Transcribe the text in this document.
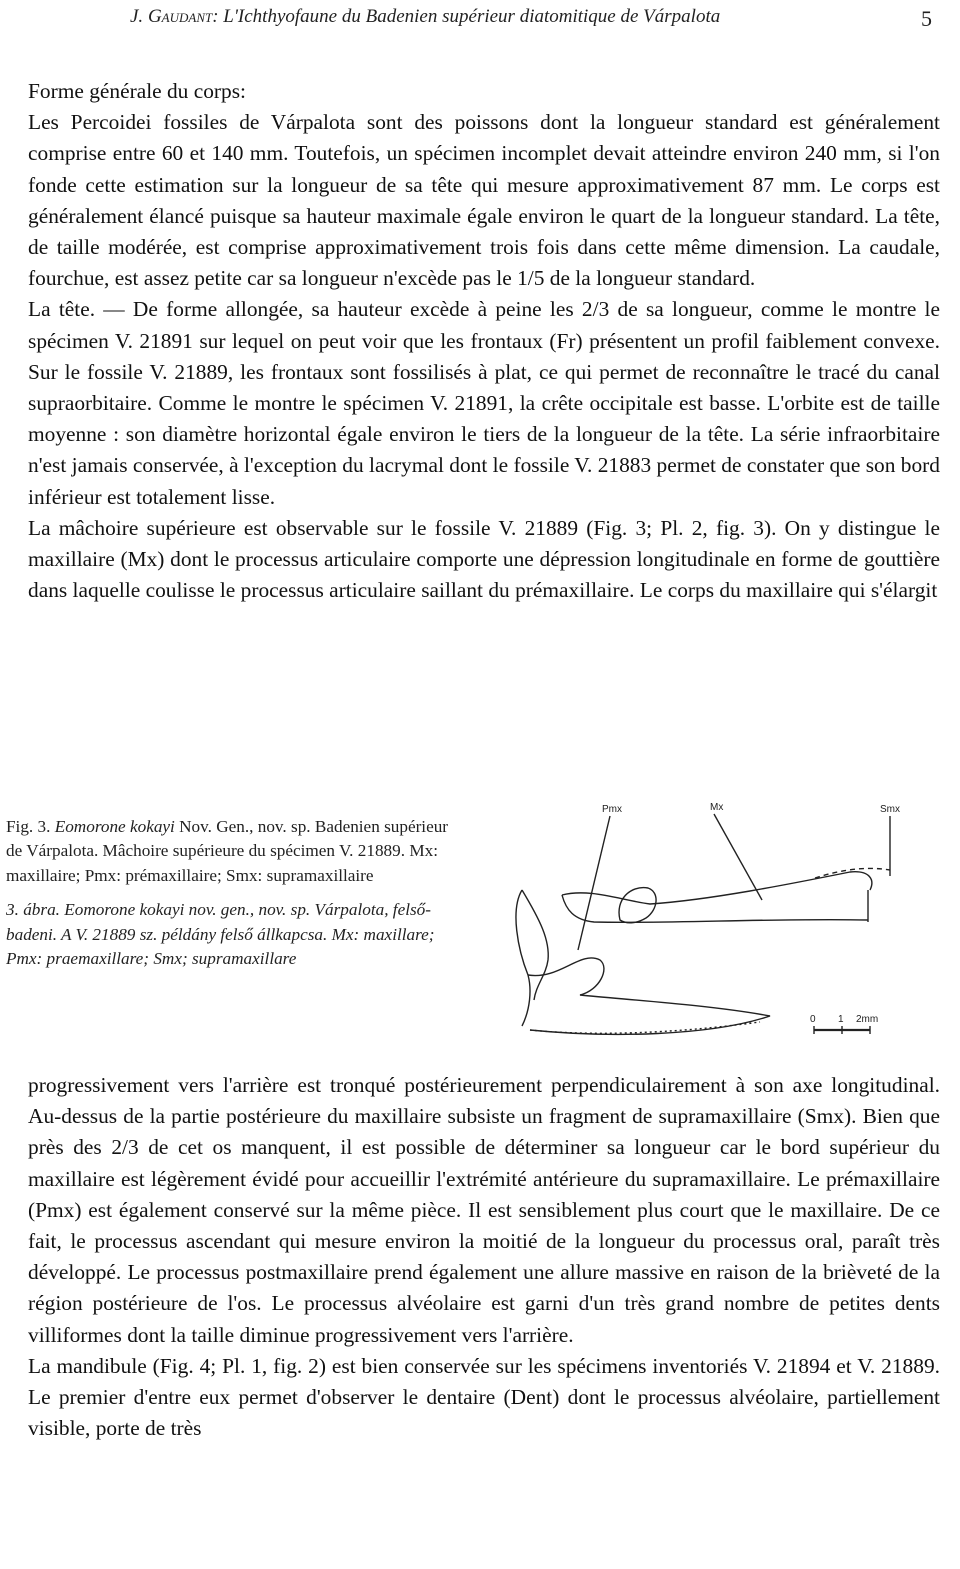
J. Gaudant: L'Ichthyofaune du Badenien supérieur diatomitique de Várpalota	5

Forme générale du corps:

Les Percoidei fossiles de Várpalota sont des poissons dont la longueur standard est généralement comprise entre 60 et 140 mm. Toutefois, un spécimen incomplet devait atteindre environ 240 mm, si l'on fonde cette estimation sur la longueur de sa tête qui mesure approximativement 87 mm. Le corps est généralement élancé puisque sa hauteur maximale égale environ le quart de la longueur standard. La tête, de taille modérée, est comprise approximativement trois fois dans cette même dimension. La caudale, fourchue, est assez petite car sa longueur n'excède pas le 1/5 de la longueur standard.

La tête. — De forme allongée, sa hauteur excède à peine les 2/3 de sa longueur, comme le montre le spécimen V. 21891 sur lequel on peut voir que les frontaux (Fr) présentent un profil faiblement convexe. Sur le fossile V. 21889, les frontaux sont fossilisés à plat, ce qui permet de reconnaître le tracé du canal supraorbitaire. Comme le montre le spécimen V. 21891, la crête occipitale est basse. L'orbite est de taille moyenne : son diamètre horizontal égale environ le tiers de la longueur de la tête. La série infraorbitaire n'est jamais conservée, à l'exception du lacrymal dont le fossile V. 21883 permet de constater que son bord inférieur est totalement lisse.

La mâchoire supérieure est observable sur le fossile V. 21889 (Fig. 3; Pl. 2, fig. 3). On y distingue le maxillaire (Mx) dont le processus articulaire comporte une dépression longitudinale en forme de gouttière dans laquelle coulisse le processus articulaire saillant du prémaxillaire. Le corps du maxillaire qui s'élargit

Fig. 3. Eomorone kokayi Nov. Gen., nov. sp. Badenien supérieur de Várpalota. Mâchoire supérieure du spécimen V. 21889. Mx: maxillaire; Pmx: prémaxillaire; Smx: supramaxillaire

3. ábra. Eomorone kokayi nov. gen., nov. sp. Várpalota, felső-badeni. A V. 21889 sz. példány felső állkapcsa. Mx: maxillare; Pmx: praemaxillare; Smx; supramaxillare

Pmx	Mx	Smx
0 1 2mm

progressivement vers l'arrière est tronqué postérieurement perpendiculairement à son axe longitudinal. Au-dessus de la partie postérieure du maxillaire subsiste un fragment de supramaxillaire (Smx). Bien que près des 2/3 de cet os manquent, il est possible de déterminer sa longueur car le bord supérieur du maxillaire est légèrement évidé pour accueillir l'extrémité antérieure du supramaxillaire. Le prémaxillaire (Pmx) est également conservé sur la même pièce. Il est sensiblement plus court que le maxillaire. De ce fait, le processus ascendant qui mesure environ la moitié de la longueur du processus oral, paraît très développé. Le processus postmaxillaire prend également une allure massive en raison de la brièveté de la région postérieure de l'os. Le processus alvéolaire est garni d'un très grand nombre de petites dents villiformes dont la taille diminue progressivement vers l'arrière.

La mandibule (Fig. 4; Pl. 1, fig. 2) est bien conservée sur les spécimens inventoriés V. 21894 et V. 21889. Le premier d'entre eux permet d'observer le dentaire (Dent) dont le processus alvéolaire, partiellement visible, porte de très
